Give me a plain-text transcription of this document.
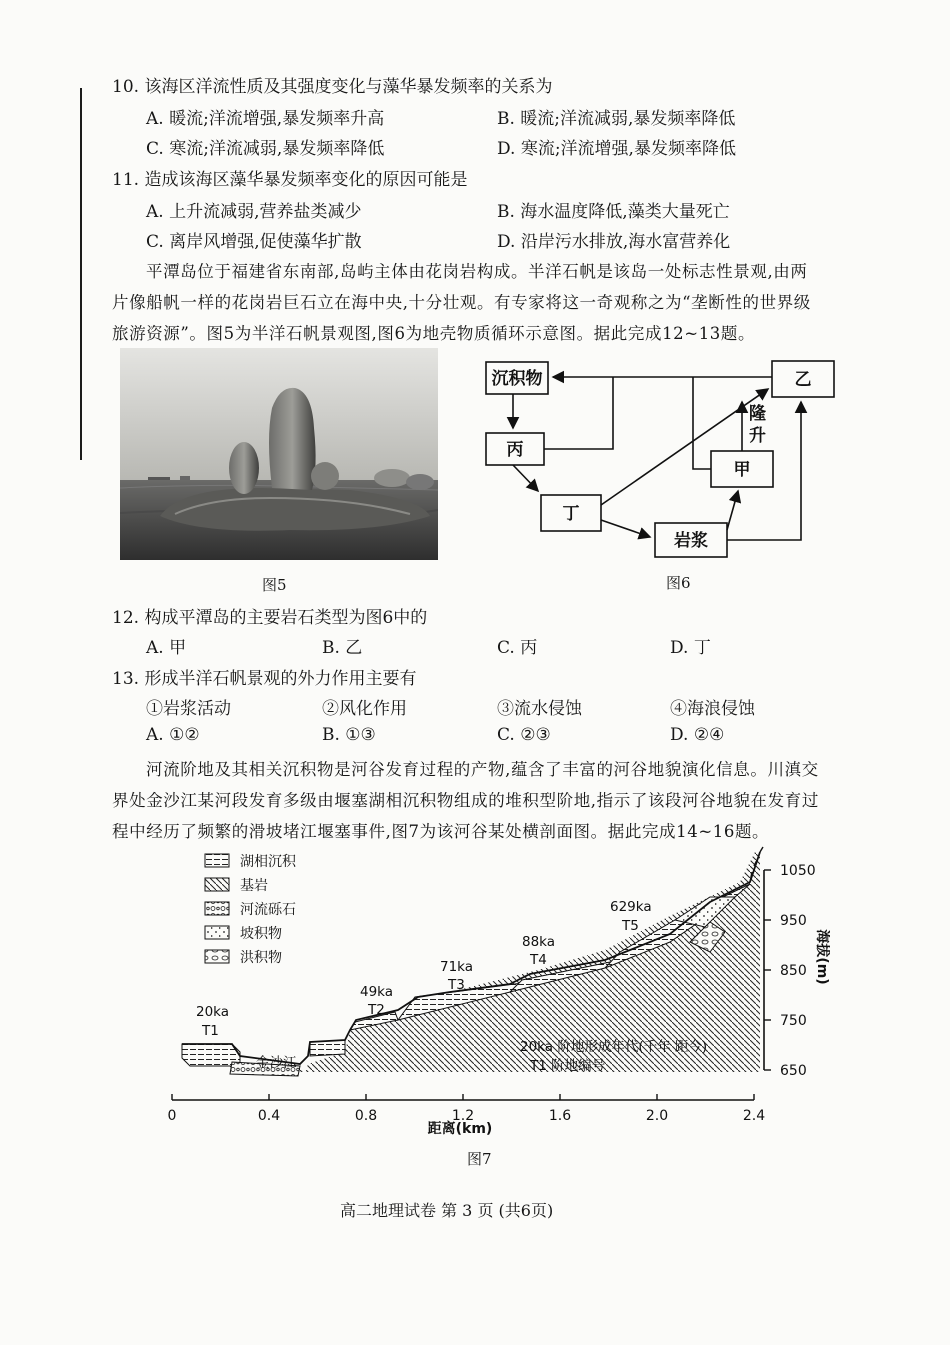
10. 该海区洋流性质及其强度变化与藻华暴发频率的关系为
A. 暖流;洋流增强,暴发频率升高	B. 暖流;洋流减弱,暴发频率降低
C. 寒流;洋流减弱,暴发频率降低	D. 寒流;洋流增强,暴发频率降低
11. 造成该海区藻华暴发频率变化的原因可能是
A. 上升流减弱,营养盐类减少	B. 海水温度降低,藻类大量死亡
C. 离岸风增强,促使藻华扩散	D. 沿岸污水排放,海水富营养化
平潭岛位于福建省东南部,岛屿主体由花岗岩构成。半洋石帆是该岛一处标志性景观,由两
片像船帆一样的花岗岩巨石立在海中央,十分壮观。有专家将这一奇观称之为“垄断性的世界级
旅游资源”。图5为半洋石帆景观图,图6为地壳物质循环示意图。据此完成12~13题。
图5
沉积物	乙
丙
甲
丁
岩浆
隆
升
图6
12. 构成平潭岛的主要岩石类型为图6中的
A. 甲	B. 乙	C. 丙	D. 丁
13. 形成半洋石帆景观的外力作用主要有
①岩浆活动	②风化作用	③流水侵蚀	④海浪侵蚀
A. ①②	B. ①③	C. ②③	D. ②④
河流阶地及其相关沉积物是河谷发育过程的产物,蕴含了丰富的河谷地貌演化信息。川滇交
界处金沙江某河段发育多级由堰塞湖相沉积物组成的堆积型阶地,指示了该段河谷地貌在发育过
程中经历了频繁的滑坡堵江堰塞事件,图7为该河谷某处横剖面图。据此完成14~16题。
湖相沉积
基岩
河流砾石
坡积物
洪积物
0	0.4	0.8	1.2	1.6	2.0	2.4
1050
950
850
750
650
距离(km)
海拔(m)
金沙江
20ka
T1
49ka
T2
71ka
T3
88ka
T4
629ka
T5
20ka 阶地形成年代(千年 距今)
T1 阶地编号
图7
高二地理试卷 第 3 页 (共6页)
